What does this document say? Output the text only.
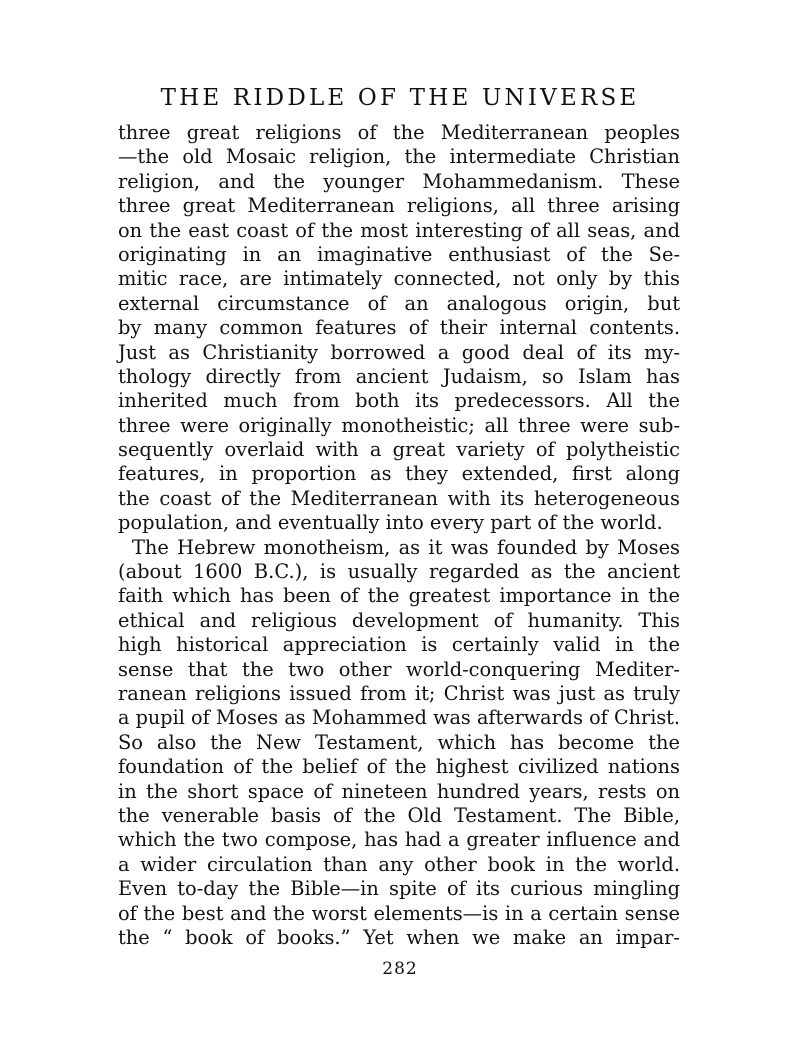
THE RIDDLE OF THE UNIVERSE
three great religions of the Mediterranean peoples
—the old Mosaic religion, the intermediate Christian
religion, and the younger Mohammedanism. These
three great Mediterranean religions, all three arising
on the east coast of the most interesting of all seas, and
originating in an imaginative enthusiast of the Se-
mitic race, are intimately connected, not only by this
external circumstance of an analogous origin, but
by many common features of their internal contents.
Just as Christianity borrowed a good deal of its my-
thology directly from ancient Judaism, so Islam has
inherited much from both its predecessors. All the
three were originally monotheistic; all three were sub-
sequently overlaid with a great variety of polytheistic
features, in proportion as they extended, first along
the coast of the Mediterranean with its heterogeneous
population, and eventually into every part of the world.
The Hebrew monotheism, as it was founded by Moses
(about 1600 B.C.), is usually regarded as the ancient
faith which has been of the greatest importance in the
ethical and religious development of humanity. This
high historical appreciation is certainly valid in the
sense that the two other world-conquering Mediter-
ranean religions issued from it; Christ was just as truly
a pupil of Moses as Mohammed was afterwards of Christ.
So also the New Testament, which has become the
foundation of the belief of the highest civilized nations
in the short space of nineteen hundred years, rests on
the venerable basis of the Old Testament. The Bible,
which the two compose, has had a greater influence and
a wider circulation than any other book in the world.
Even to-day the Bible—in spite of its curious mingling
of the best and the worst elements—is in a certain sense
the “ book of books.” Yet when we make an impar-
282
